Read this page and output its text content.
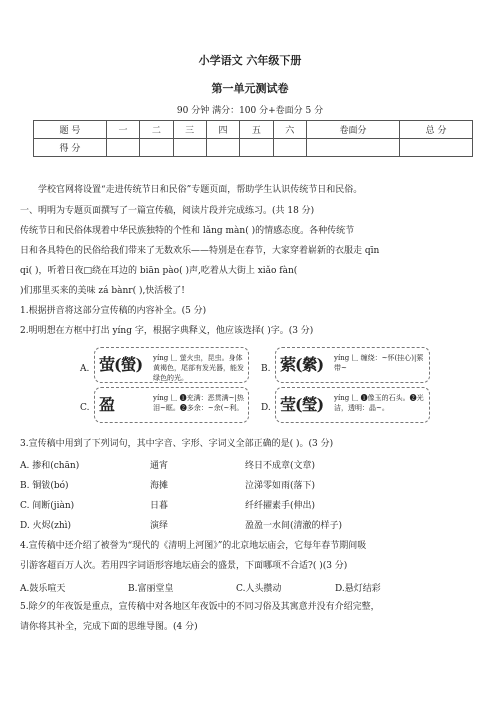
小学语文 六年级下册
第一单元测试卷
90 分钟 满分：100 分+卷面分 5 分
题 号	一	二	三	四	五	六	卷面分	总 分
得 分								
学校官网将设置“走进传统节日和民俗”专题页面，帮助学生认识传统节日和民俗。
一、明明为专题页面撰写了一篇宣传稿，阅读片段并完成练习。(共 18 分)
传统节日和民俗体现着中华民族独特的个性和 lǎng màn( )的情感态度。各种传统节
日和各具特色的民俗给我们带来了无数欢乐——特别是在春节，大家穿着崭新的衣服走 qīn
qi( )，听着日夜□绕在耳边的 biān pào( )声,吃着从大街上 xiǎo fàn(
)们那里买来的美味 zá bànr( ),快活极了!
1.根据拼音将这部分宣传稿的内容补全。(5 分)
2.明明想在方框中打出 yíng 字，根据字典释义，他应该选择( )字。(3 分)
A. 萤(螢) yíng 𠃊 萤火虫，昆虫。身体黄褐色，尾部有发光器，能发绿色的光。
B. 萦(縈) yíng 𠃊 缠绕：~怀(挂心)|萦带~
C. 盈	yíng 𠃊 ❶充满：恶贯满~|热泪~眶。❷多余：~余(~利。	D. 莹(瑩) yíng 𠃊 ❶像玉的石头。❷光洁，透明：晶~。
3.宣传稿中用到了下列词句，其中字音、字形、字词义全部正确的是( )。(3 分)
A. 掺和(chān)	通宵	终日不成章(文章)
B. 铜钹(bó)	海摊	泣涕零如雨(落下)
C. 间断(jiàn)	日暮	纤纤擢素手(伸出)
D. 火烬(zhì)	演绎	盈盈一水间(清澈的样子)
4.宣传稿中还介绍了被誉为“现代的《清明上河图》”的北京地坛庙会，它每年春节期间吸
引游客超百万人次。若用四字词语形容地坛庙会的盛景，下面哪项不合适?( )(3 分)
A.鼓乐喧天	B.富丽堂皇	C.人头攒动	D.悬灯结彩
5.除夕的年夜饭是重点，宣传稿中对各地区年夜饭中的不同习俗及其寓意并没有介绍完整，
请你将其补全，完成下面的思维导图。(4 分)
